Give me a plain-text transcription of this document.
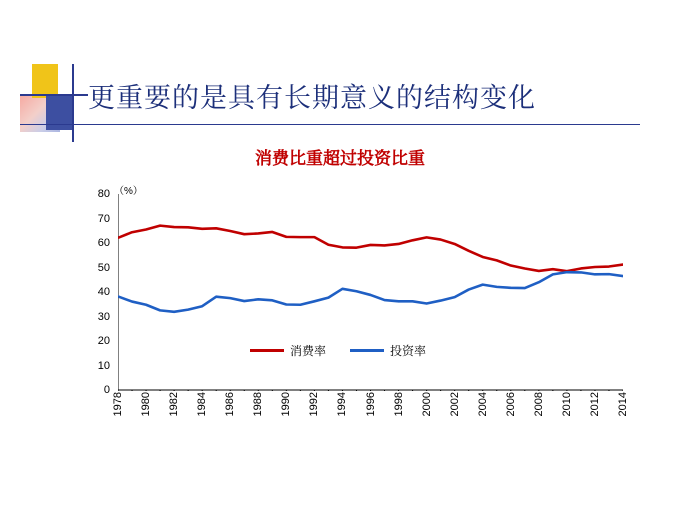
更重要的是具有长期意义的结构变化
消费比重超过投资比重
（%）
0
10
20
30
40
50
60
70
80
1978 1980 1982 1984 1986 1988 1990 1992 1994 1996 1998 2000 2002 2004 2006 2008 2010 2012 2014
消费率	投资率
